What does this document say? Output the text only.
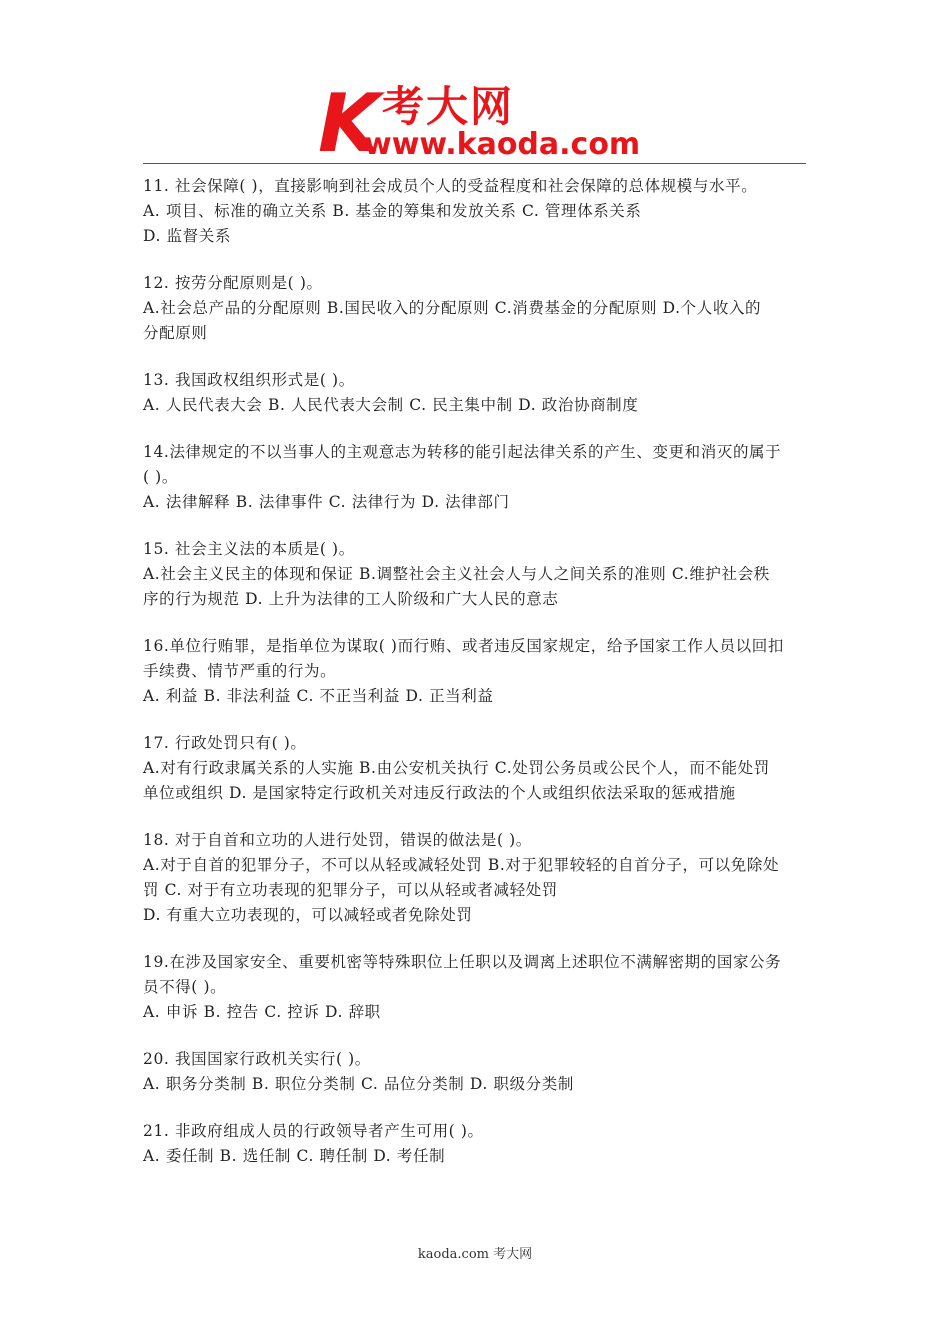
K 考大网
www.kaoda.com

11. 社会保障( )，直接影响到社会成员个人的受益程度和社会保障的总体规模与水平。

A. 项目、标准的确立关系 B. 基金的筹集和发放关系 C. 管理体系关系

D. 监督关系

12. 按劳分配原则是( )。

A.社会总产品的分配原则 B.国民收入的分配原则 C.消费基金的分配原则 D.个人收入的

分配原则

13. 我国政权组织形式是( )。

A. 人民代表大会 B. 人民代表大会制 C. 民主集中制 D. 政治协商制度

14.法律规定的不以当事人的主观意志为转移的能引起法律关系的产生、变更和消灭的属于

( )。

A. 法律解释 B. 法律事件 C. 法律行为 D. 法律部门

15. 社会主义法的本质是( )。

A.社会主义民主的体现和保证 B.调整社会主义社会人与人之间关系的准则 C.维护社会秩

序的行为规范 D. 上升为法律的工人阶级和广大人民的意志

16.单位行贿罪，是指单位为谋取( )而行贿、或者违反国家规定，给予国家工作人员以回扣

手续费、情节严重的行为。

A. 利益 B. 非法利益 C. 不正当利益 D. 正当利益

17. 行政处罚只有( )。

A.对有行政隶属关系的人实施 B.由公安机关执行 C.处罚公务员或公民个人，而不能处罚

单位或组织 D. 是国家特定行政机关对违反行政法的个人或组织依法采取的惩戒措施

18. 对于自首和立功的人进行处罚，错误的做法是( )。

A.对于自首的犯罪分子，不可以从轻或减轻处罚 B.对于犯罪较轻的自首分子，可以免除处

罚 C. 对于有立功表现的犯罪分子，可以从轻或者减轻处罚

D. 有重大立功表现的，可以减轻或者免除处罚

19.在涉及国家安全、重要机密等特殊职位上任职以及调离上述职位不满解密期的国家公务

员不得( )。

A. 申诉 B. 控告 C. 控诉 D. 辞职

20. 我国国家行政机关实行( )。

A. 职务分类制 B. 职位分类制 C. 品位分类制 D. 职级分类制

21. 非政府组成人员的行政领导者产生可用( )。

A. 委任制 B. 选任制 C. 聘任制 D. 考任制

kaoda.com 考大网
